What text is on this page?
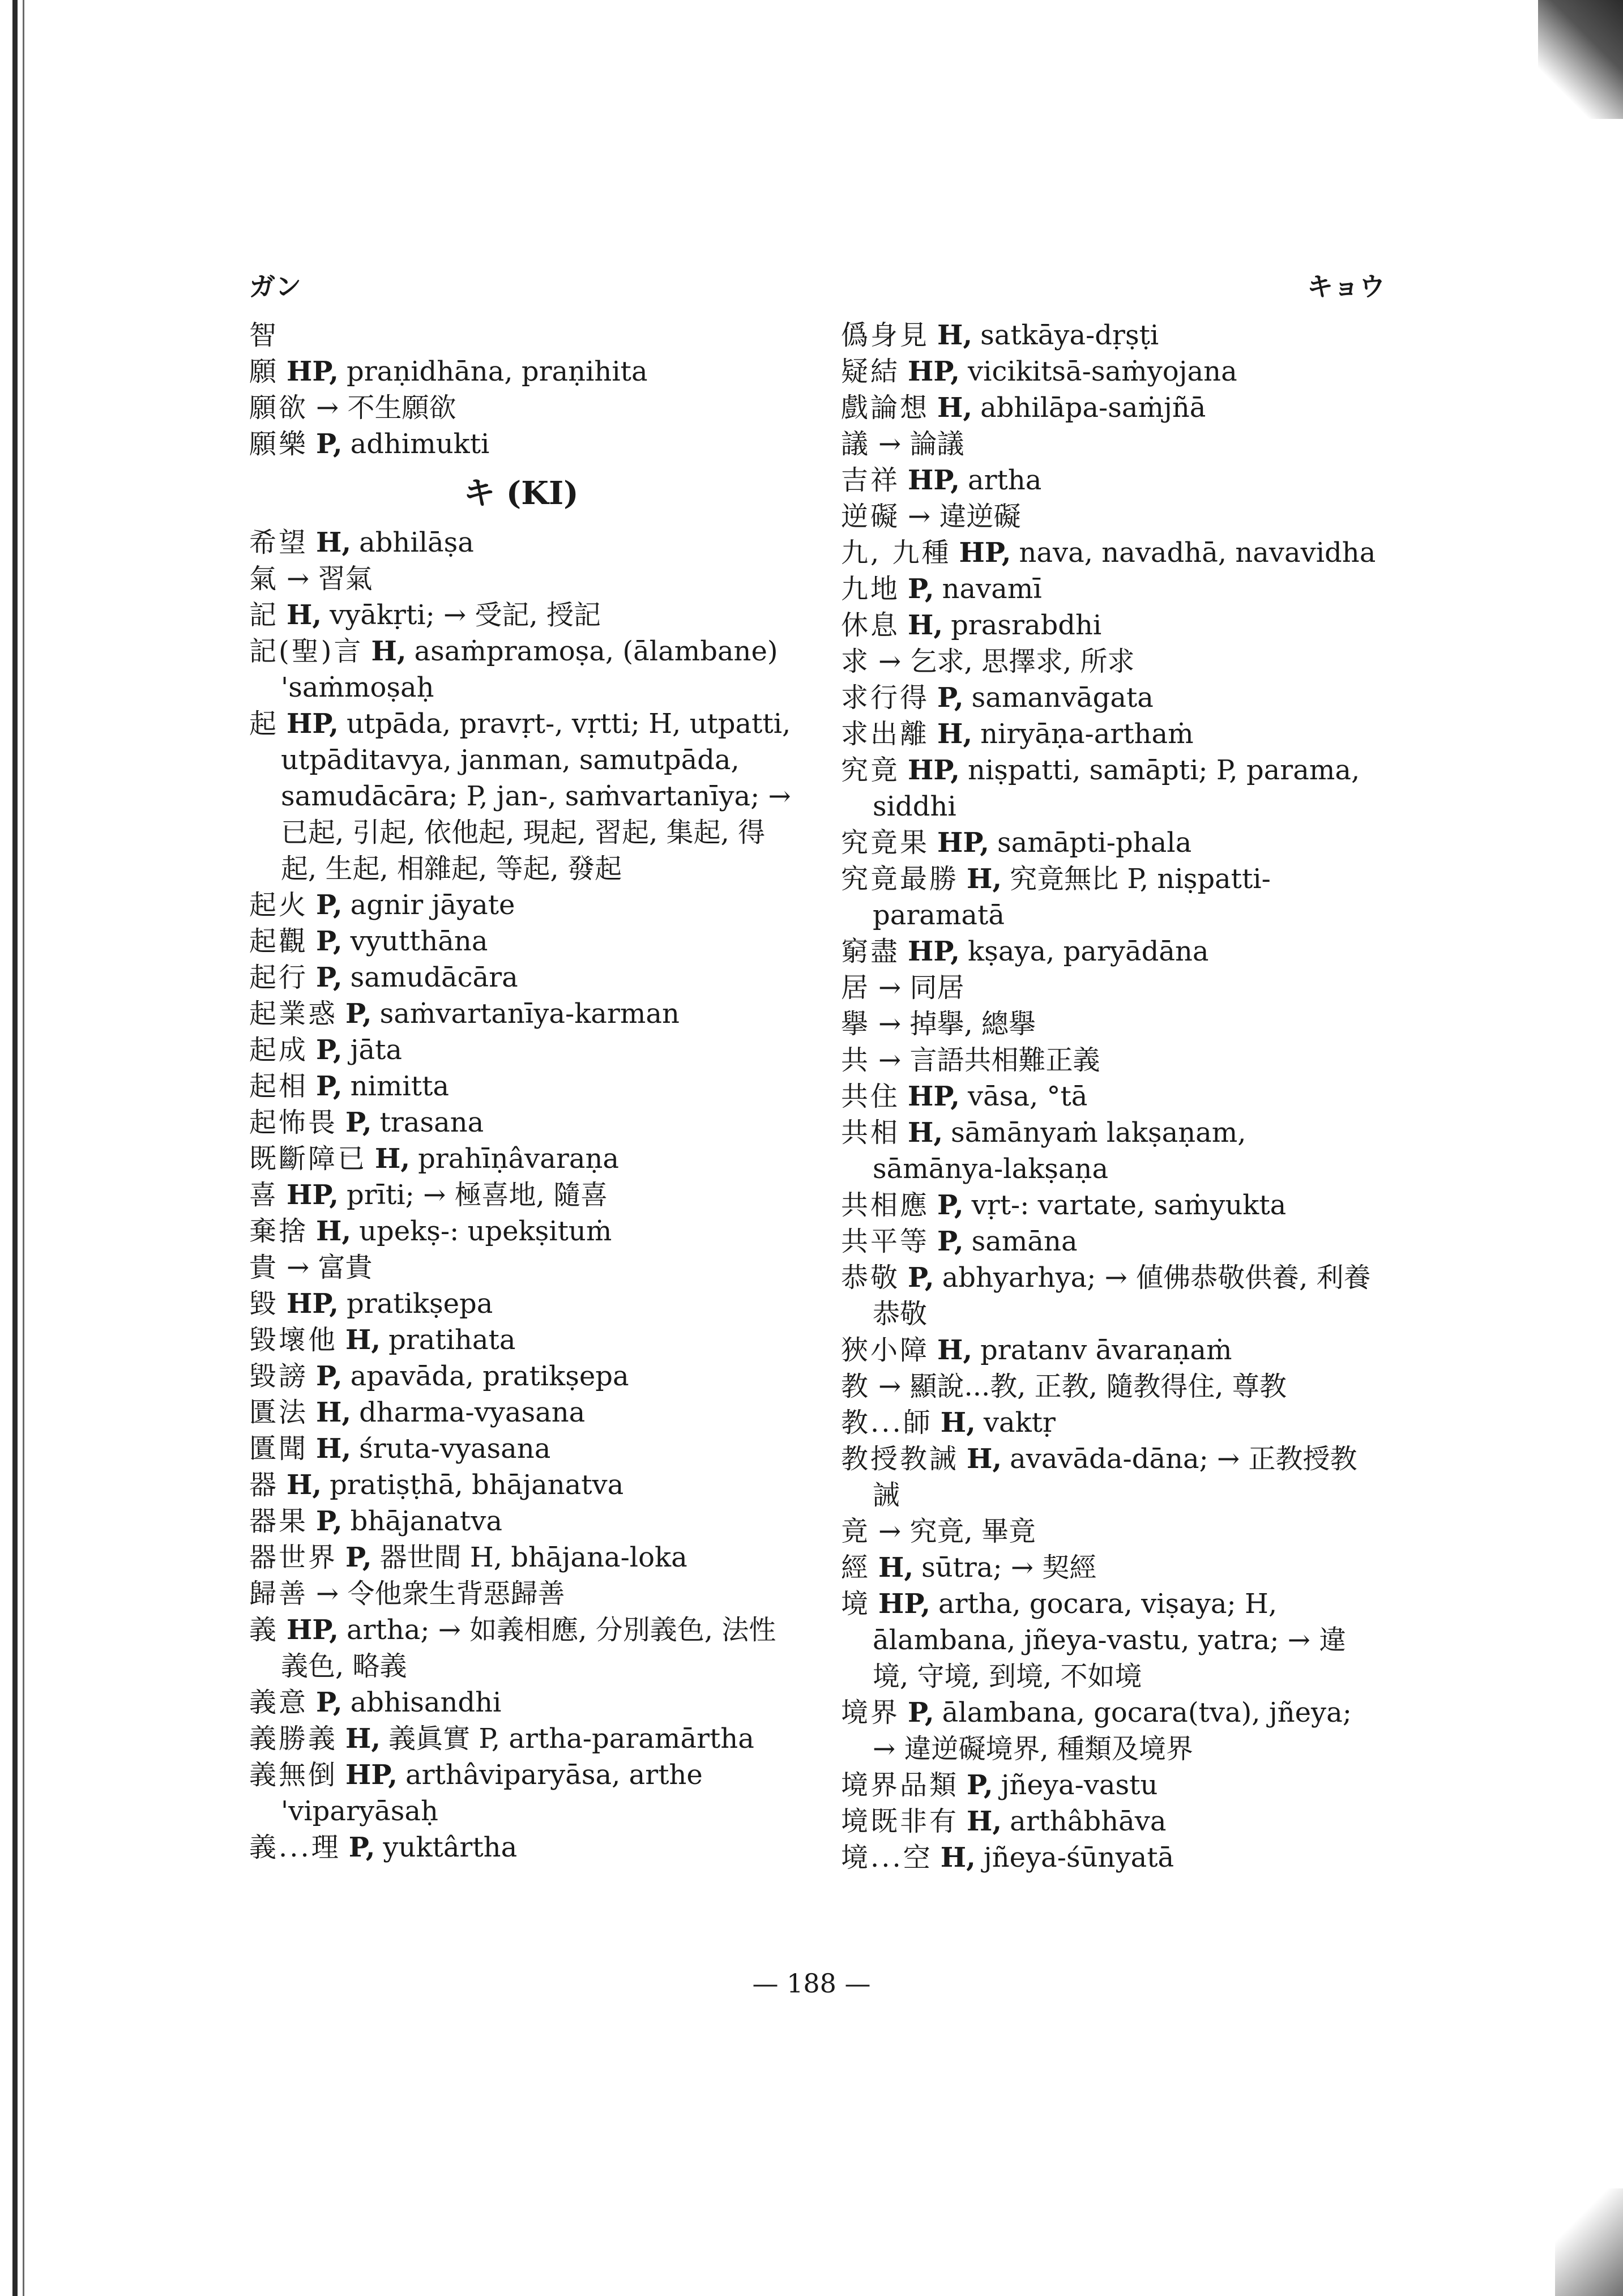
ガン	キョウ
智
願 HP, praṇidhāna, praṇihita
願欲 → 不生願欲
願樂 P, adhimukti
キ (KI)
希望 H, abhilāṣa
氣 → 習氣
記 H, vyākṛti; → 受記, 授記
記(聖)言 H, asaṁpramoṣa, (ālambane) 'saṁmoṣaḥ
起 HP, utpāda, pravṛt-, vṛtti; H, utpatti, utpāditavya, janman, samutpāda, samudācāra; P, jan-, saṁvartanīya; → 已起, 引起, 依他起, 現起, 習起, 集起, 得起, 生起, 相雜起, 等起, 發起
起火 P, agnir jāyate
起觀 P, vyutthāna
起行 P, samudācāra
起業惑 P, saṁvartanīya-karman
起成 P, jāta
起相 P, nimitta
起怖畏 P, trasana
既斷障已 H, prahīṇâvaraṇa
喜 HP, prīti; → 極喜地, 隨喜
棄捨 H, upekṣ-: upekṣituṁ
貴 → 富貴
毀 HP, pratikṣepa
毀壞他 H, pratihata
毀謗 P, apavāda, pratikṣepa
匱法 H, dharma-vyasana
匱聞 H, śruta-vyasana
器 H, pratiṣṭhā, bhājanatva
器果 P, bhājanatva
器世界 P, 器世間 H, bhājana-loka
歸善 → 令他衆生背惡歸善
義 HP, artha; → 如義相應, 分別義色, 法性義色, 略義
義意 P, abhisandhi
義勝義 H, 義眞實 P, artha-paramārtha
義無倒 HP, arthâviparyāsa, arthe 'viparyāsaḥ
義...理 P, yuktârtha
僞身見 H, satkāya-dṛṣṭi
疑結 HP, vicikitsā-saṁyojana
戲論想 H, abhilāpa-saṁjñā
議 → 論議
吉祥 HP, artha
逆礙 → 違逆礙
九, 九種 HP, nava, navadhā, navavidha
九地 P, navamī
休息 H, prasrabdhi
求 → 乞求, 思擇求, 所求
求行得 P, samanvāgata
求出離 H, niryāṇa-arthaṁ
究竟 HP, niṣpatti, samāpti; P, parama, siddhi
究竟果 HP, samāpti-phala
究竟最勝 H, 究竟無比 P, niṣpatti-paramatā
窮盡 HP, kṣaya, paryādāna
居 → 同居
擧 → 掉擧, 總擧
共 → 言語共相難正義
共住 HP, vāsa, °tā
共相 H, sāmānyaṁ lakṣaṇam, sāmānya-lakṣaṇa
共相應 P, vṛt-: vartate, saṁyukta
共平等 P, samāna
恭敬 P, abhyarhya; → 値佛恭敬供養, 利養恭敬
狹小障 H, pratanv āvaraṇaṁ
教 → 顯說...教, 正教, 隨教得住, 尊教
教...師 H, vaktṛ
教授教誡 H, avavāda-dāna; → 正教授教誡
竟 → 究竟, 畢竟
經 H, sūtra; → 契經
境 HP, artha, gocara, viṣaya; H, ālambana, jñeya-vastu, yatra; → 違境, 守境, 到境, 不如境
境界 P, ālambana, gocara(tva), jñeya; → 違逆礙境界, 種類及境界
境界品類 P, jñeya-vastu
境既非有 H, arthâbhāva
境...空 H, jñeya-śūnyatā
— 188 —
